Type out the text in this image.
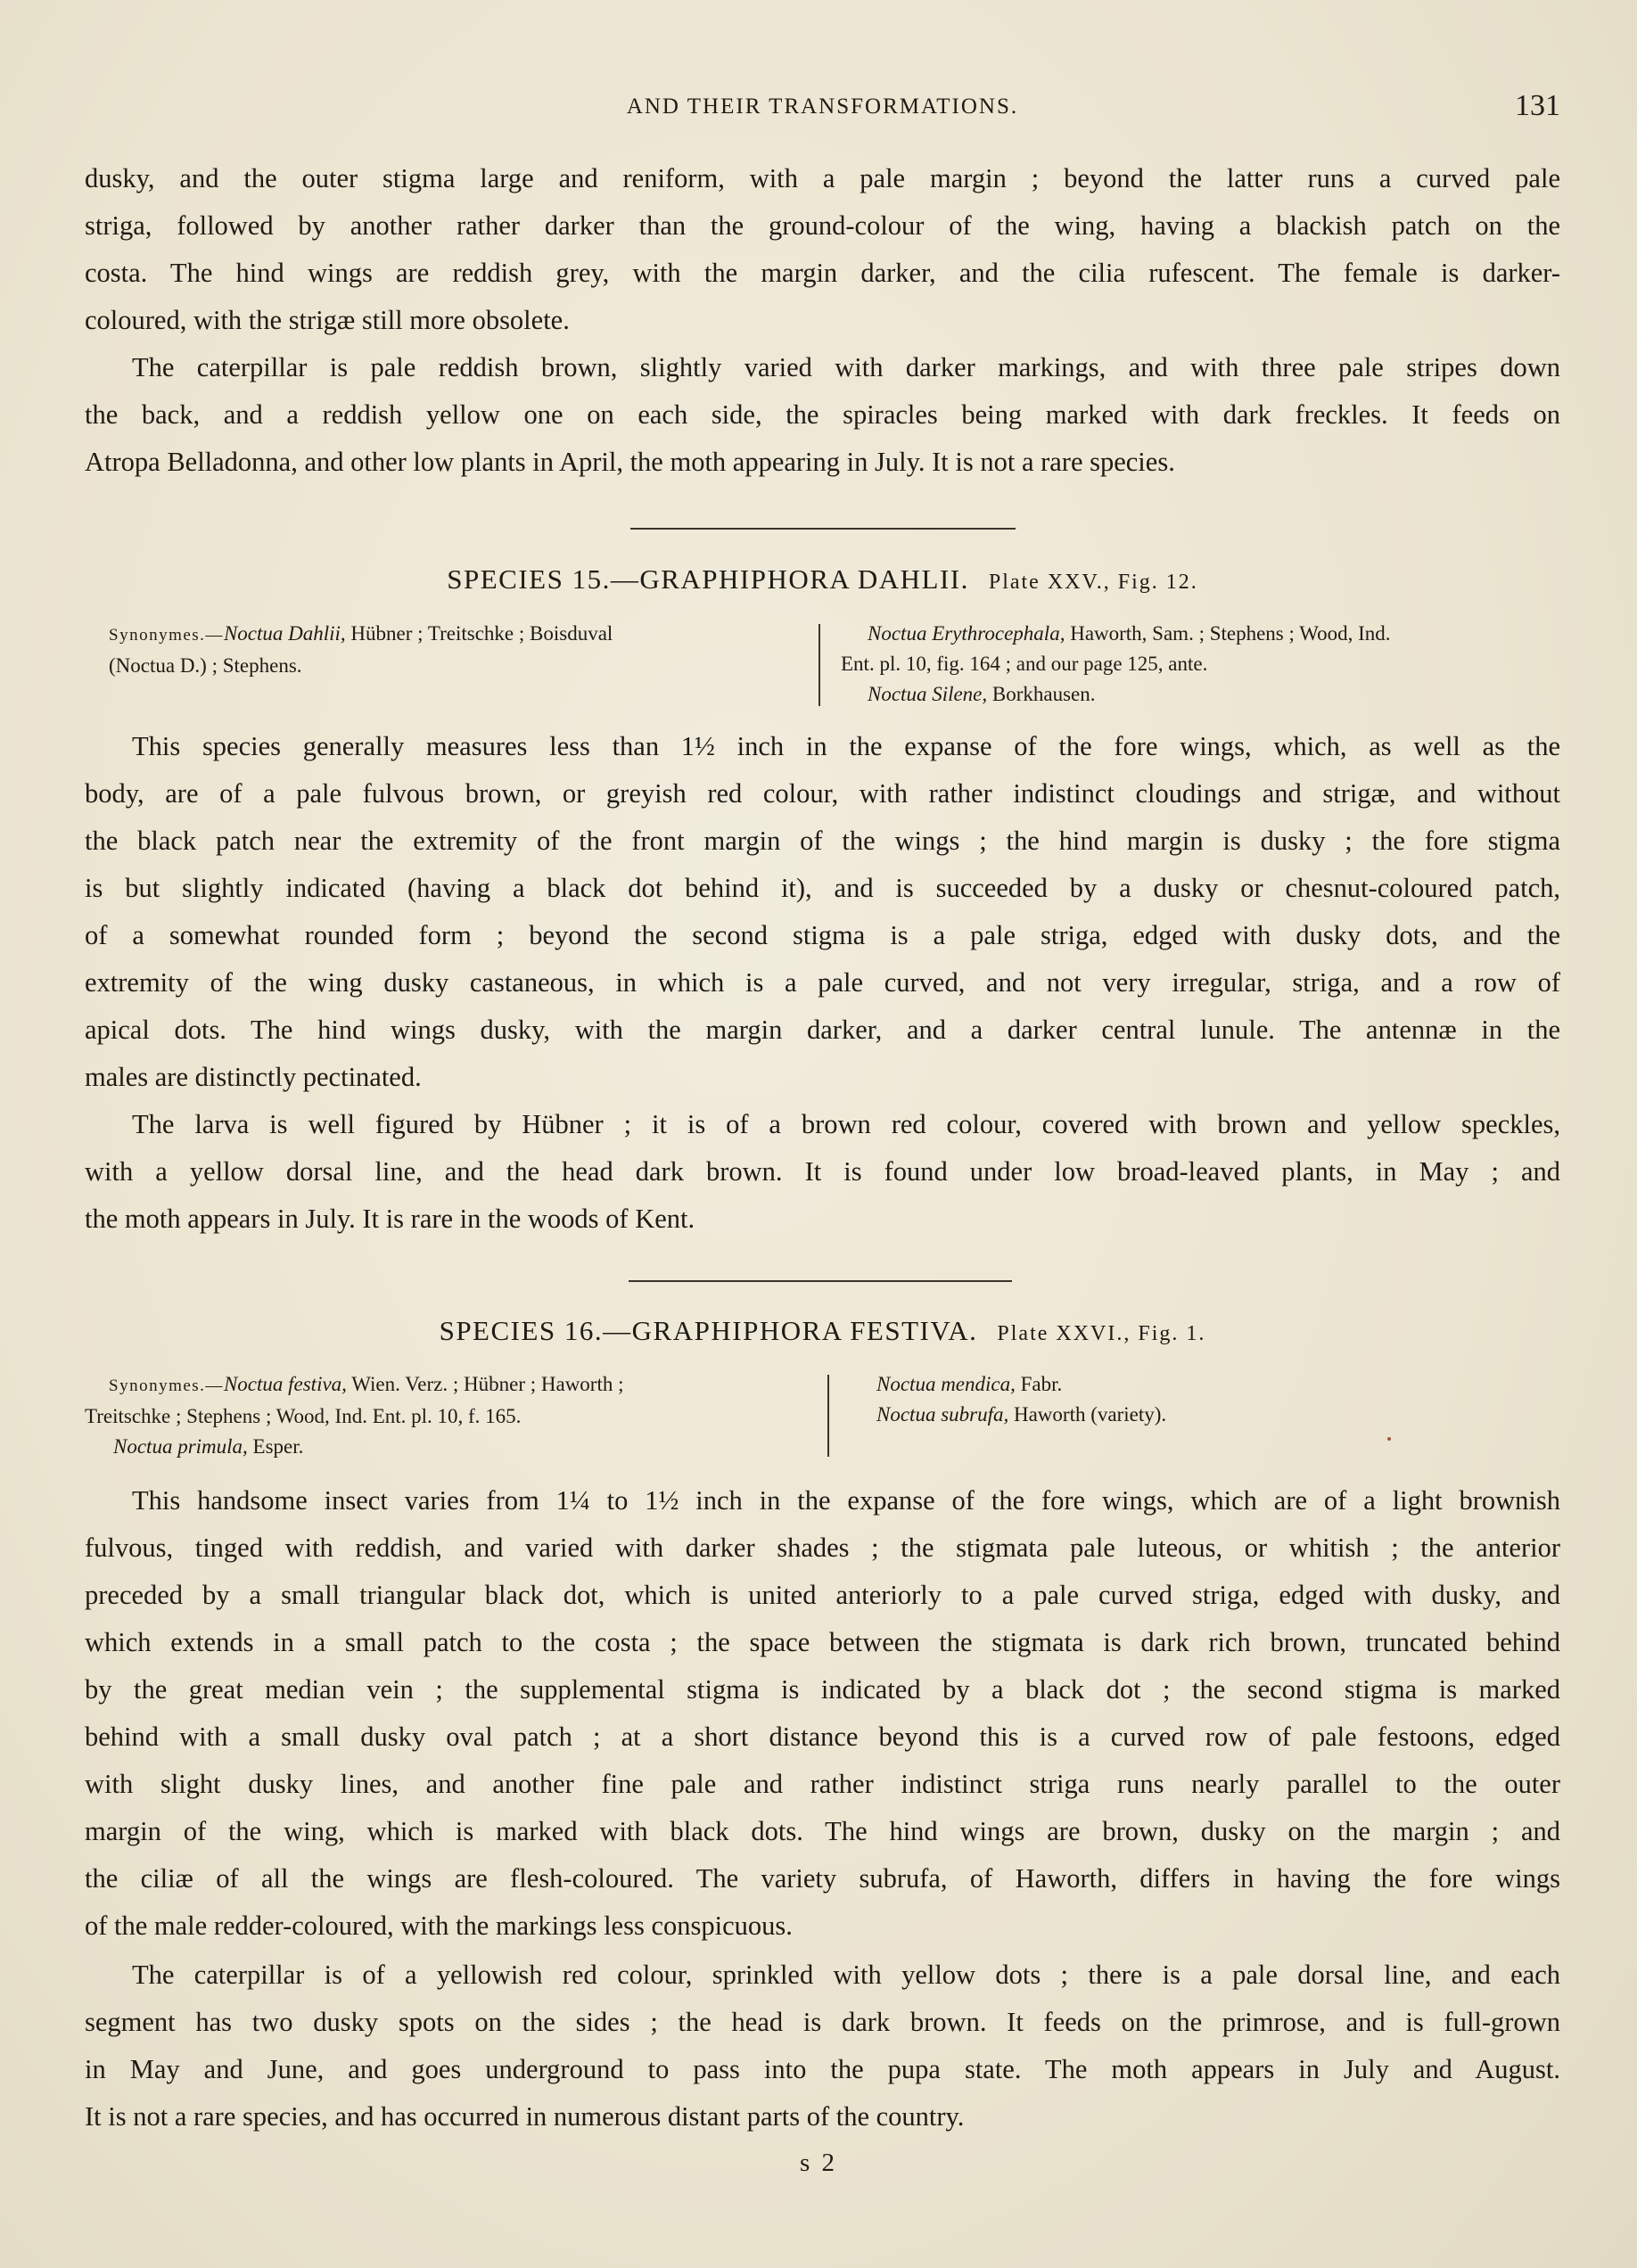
AND THEIR TRANSFORMATIONS.	131
dusky, and the outer stigma large and reniform, with a pale margin ; beyond the latter runs a curved pale
striga, followed by another rather darker than the ground-colour of the wing, having a blackish patch on the
costa. The hind wings are reddish grey, with the margin darker, and the cilia rufescent. The female is darker-
coloured, with the strigæ still more obsolete.
The caterpillar is pale reddish brown, slightly varied with darker markings, and with three pale stripes down
the back, and a reddish yellow one on each side, the spiracles being marked with dark freckles. It feeds on
Atropa Belladonna, and other low plants in April, the moth appearing in July. It is not a rare species.
SPECIES 15.—GRAPHIPHORA DAHLII. Plate XXV., Fig. 12.
Synonymes.—Noctua Dahlii, Hübner ; Treitschke ; Boisduval
(Noctua D.) ; Stephens.
Noctua Erythrocephala, Haworth, Sam. ; Stephens ; Wood, Ind.
Ent. pl. 10, fig. 164 ; and our page 125, ante.
Noctua Silene, Borkhausen.
This species generally measures less than 1½ inch in the expanse of the fore wings, which, as well as the
body, are of a pale fulvous brown, or greyish red colour, with rather indistinct cloudings and strigæ, and without
the black patch near the extremity of the front margin of the wings ; the hind margin is dusky ; the fore stigma
is but slightly indicated (having a black dot behind it), and is succeeded by a dusky or chesnut-coloured patch,
of a somewhat rounded form ; beyond the second stigma is a pale striga, edged with dusky dots, and the
extremity of the wing dusky castaneous, in which is a pale curved, and not very irregular, striga, and a row of
apical dots. The hind wings dusky, with the margin darker, and a darker central lunule. The antennæ in the
males are distinctly pectinated.
The larva is well figured by Hübner ; it is of a brown red colour, covered with brown and yellow speckles,
with a yellow dorsal line, and the head dark brown. It is found under low broad-leaved plants, in May ; and
the moth appears in July. It is rare in the woods of Kent.
SPECIES 16.—GRAPHIPHORA FESTIVA. Plate XXVI., Fig. 1.
Synonymes.—Noctua festiva, Wien. Verz. ; Hübner ; Haworth ;
Treitschke ; Stephens ; Wood, Ind. Ent. pl. 10, f. 165.
Noctua primula, Esper.
Noctua mendica, Fabr.
Noctua subrufa, Haworth (variety).
This handsome insect varies from 1¼ to 1½ inch in the expanse of the fore wings, which are of a light brownish
fulvous, tinged with reddish, and varied with darker shades ; the stigmata pale luteous, or whitish ; the anterior
preceded by a small triangular black dot, which is united anteriorly to a pale curved striga, edged with dusky, and
which extends in a small patch to the costa ; the space between the stigmata is dark rich brown, truncated behind
by the great median vein ; the supplemental stigma is indicated by a black dot ; the second stigma is marked
behind with a small dusky oval patch ; at a short distance beyond this is a curved row of pale festoons, edged
with slight dusky lines, and another fine pale and rather indistinct striga runs nearly parallel to the outer
margin of the wing, which is marked with black dots. The hind wings are brown, dusky on the margin ; and
the ciliæ of all the wings are flesh-coloured. The variety subrufa, of Haworth, differs in having the fore wings
of the male redder-coloured, with the markings less conspicuous.
The caterpillar is of a yellowish red colour, sprinkled with yellow dots ; there is a pale dorsal line, and each
segment has two dusky spots on the sides ; the head is dark brown. It feeds on the primrose, and is full-grown
in May and June, and goes underground to pass into the pupa state. The moth appears in July and August.
It is not a rare species, and has occurred in numerous distant parts of the country.
s 2
